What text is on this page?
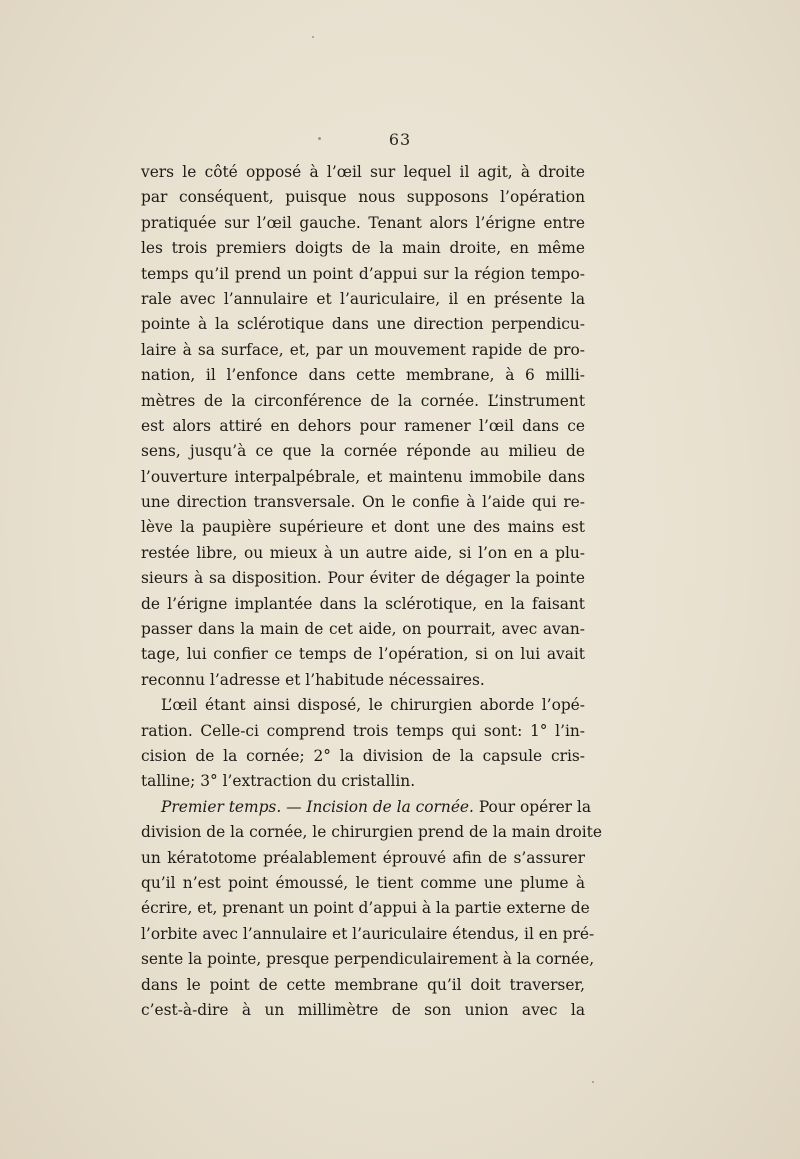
63
vers le côté opposé à l’œil sur lequel il agit, à droite
par conséquent, puisque nous supposons l’opération
pratiquée sur l’œil gauche. Tenant alors l’érigne entre
les trois premiers doigts de la main droite, en même
temps qu’il prend un point d’appui sur la région tempo-
rale avec l’annulaire et l’auriculaire, il en présente la
pointe à la sclérotique dans une direction perpendicu-
laire à sa surface, et, par un mouvement rapide de pro-
nation, il l’enfonce dans cette membrane, à 6 milli-
mètres de la circonférence de la cornée. L’instrument
est alors attiré en dehors pour ramener l’œil dans ce
sens, jusqu’à ce que la cornée réponde au milieu de
l’ouverture interpalpébrale, et maintenu immobile dans
une direction transversale. On le confie à l’aide qui re-
lève la paupière supérieure et dont une des mains est
restée libre, ou mieux à un autre aide, si l’on en a plu-
sieurs à sa disposition. Pour éviter de dégager la pointe
de l’érigne implantée dans la sclérotique, en la faisant
passer dans la main de cet aide, on pourrait, avec avan-
tage, lui confier ce temps de l’opération, si on lui avait
reconnu l’adresse et l’habitude nécessaires.
L’œil étant ainsi disposé, le chirurgien aborde l’opé-
ration. Celle-ci comprend trois temps qui sont: 1° l’in-
cision de la cornée; 2° la division de la capsule cris-
talline; 3° l’extraction du cristallin.
Premier temps. — Incision de la cornée. Pour opérer la
division de la cornée, le chirurgien prend de la main droite
un kératotome préalablement éprouvé afin de s’assurer
qu’il n’est point émoussé, le tient comme une plume à
écrire, et, prenant un point d’appui à la partie externe de
l’orbite avec l’annulaire et l’auriculaire étendus, il en pré-
sente la pointe, presque perpendiculairement à la cornée,
dans le point de cette membrane qu’il doit traverser,
c’est-à-dire à un millimètre de son union avec la
